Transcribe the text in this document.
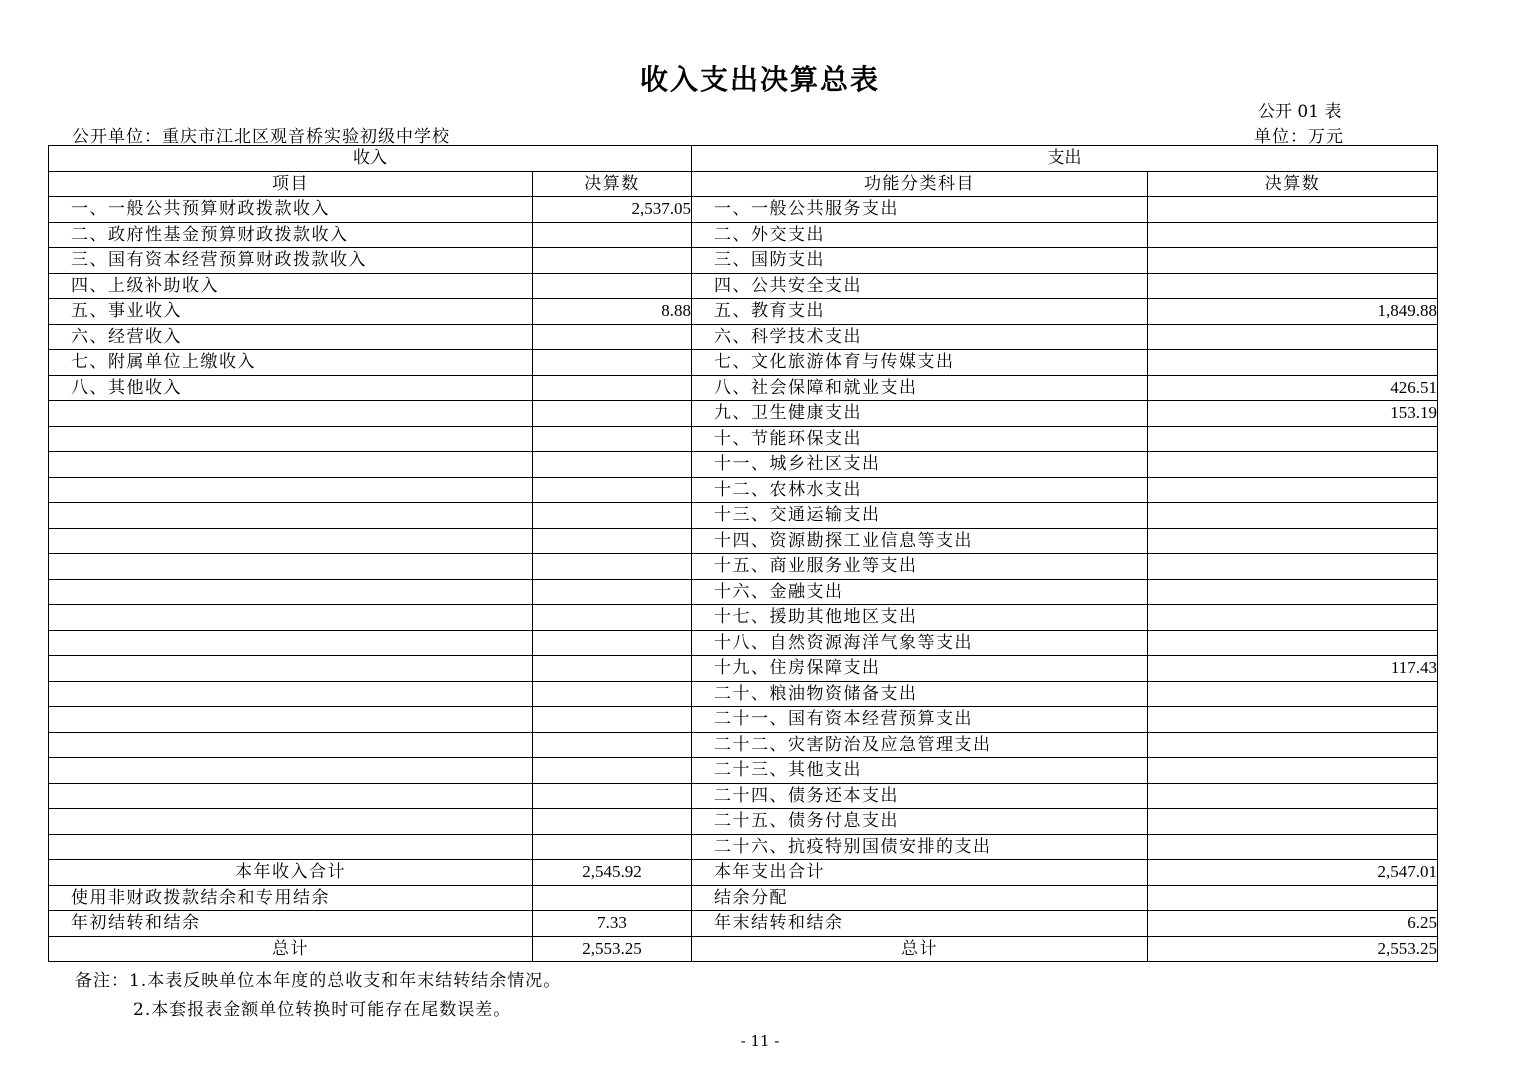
收入支出决算总表
公开 01 表
公开单位：重庆市江北区观音桥实验初级中学校	单位：万元
收入		支出	
项目	决算数	功能分类科目	决算数
一、一般公共预算财政拨款收入	2,537.05	一、一般公共服务支出	
二、政府性基金预算财政拨款收入		二、外交支出	
三、国有资本经营预算财政拨款收入		三、国防支出	
四、上级补助收入		四、公共安全支出	
五、事业收入	8.88	五、教育支出	1,849.88
六、经营收入		六、科学技术支出	
七、附属单位上缴收入		七、文化旅游体育与传媒支出	
八、其他收入		八、社会保障和就业支出	426.51
		九、卫生健康支出	153.19
		十、节能环保支出	
		十一、城乡社区支出	
		十二、农林水支出	
		十三、交通运输支出	
		十四、资源勘探工业信息等支出	
		十五、商业服务业等支出	
		十六、金融支出	
		十七、援助其他地区支出	
		十八、自然资源海洋气象等支出	
		十九、住房保障支出	117.43
		二十、粮油物资储备支出	
		二十一、国有资本经营预算支出	
		二十二、灾害防治及应急管理支出	
		二十三、其他支出	
		二十四、债务还本支出	
		二十五、债务付息支出	
		二十六、抗疫特别国债安排的支出	
本年收入合计	2,545.92	本年支出合计	2,547.01
使用非财政拨款结余和专用结余		结余分配	
年初结转和结余	7.33	年末结转和结余	6.25
总计	2,553.25	总计	2,553.25
备注：1.本表反映单位本年度的总收支和年末结转结余情况。
2.本套报表金额单位转换时可能存在尾数误差。
- 11 -
